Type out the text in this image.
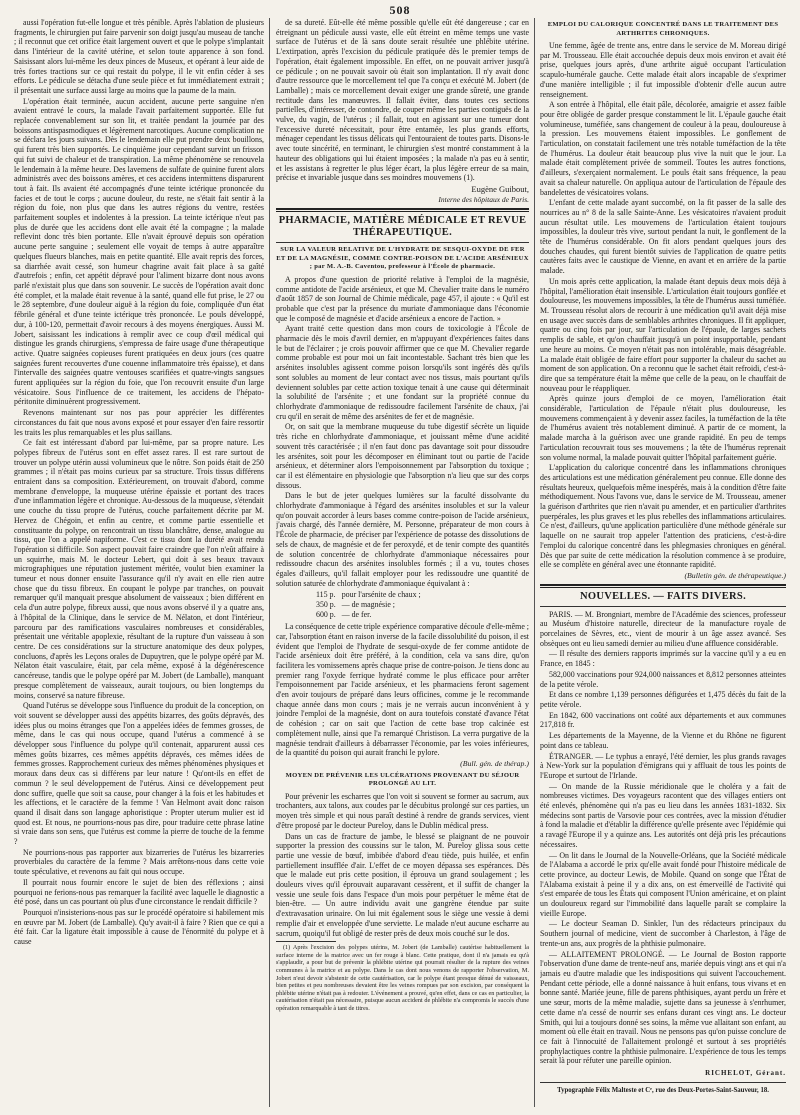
508

aussi l'opération fut-elle longue et très pénible. Après l'ablation de plusieurs fragments, le chirurgien put faire parvenir son doigt jusqu'au museau de tanche ; il reconnut que cet orifice était largement ouvert et que le polype s'implantait dans l'intérieur de la cavité utérine, et selon toute apparence à son fond. Saisissant alors lui-même les deux pinces de Museux, et opérant à leur aide de très fortes tractions sur ce qui restait du polype, il le vit enfin céder à ses efforts. Le pédicule se détacha d'une seule pièce et fut immédiatement extrait ; il présentait une surface aussi large au moins que la paume de la main.

L'opération était terminée, aucun accident, aucune perte sanguine n'en avaient entravé le cours, la malade l'avait parfaitement supportée. Elle fut replacée convenablement sur son lit, et traitée pendant la journée par des boissons antispasmodiques et légèrement narcotiques. Aucune complication ne se déclara les jours suivans. Dès le lendemain elle put prendre deux bouillons, qui furent très bien supportés. Le cinquième jour cependant survint un frisson qui fut suivi de chaleur et de transpiration. La même phénomène se renouvela le lendemain à la même heure. Des lavemens de sulfate de quinine furent alors administrés avec des boissons amères, et ces accidens intermittens disparurent tout à fait. Ils avaient été accompagnés d'une teinte ictérique prononcée du facies et de tout le corps ; aucune douleur, du reste, ne s'était fait sentir à la région du foie, non plus que dans les autres régions du ventre, restées parfaitement souples et indolentes à la pression. La teinte ictérique n'eut pas plus de durée que les accidens dont elle avait été la compagne ; la malade reflevint donc très bien portante. Elle n'avait éprouvé depuis son opération aucune perte sanguine ; seulement elle voyait de temps à autre apparaître quelques flueurs blanches, mais en petite quantité. Elle avait repris des forces, sa diarrhée avait cessé, son humeur chagrine avait fait place à sa gaîté d'autrefois ; enfin, cet appétit dépravé pour l'aliment bizarre dont nous avons parlé n'existait plus que dans son souvenir. Le succès de l'opération avait donc été complet, et la malade était revenue à la santé, quand elle fut prise, le 27 ou le 28 septembre, d'une douleur aiguë à la région du foie, compliquée d'un état fébrile général et d'une teinte ictérique très prononcée. Le pouls développé, dur, à 100-120, permettait d'avoir recours à des moyens énergiques. Aussi M. Jobert, saisissant les indications à remplir avec ce coup d'œil médical qui distingue les grands chirurgiens, s'empressa de faire usage d'une thérapeutique active. Quatre saignées copieuses furent pratiquées en deux jours (ces quatre saignées furent recouvertes d'une couenne inflammatoire très épaisse), et dans l'intervalle des saignées quatre ventouses scarifiées et quatre-vingts sangsues furent appliquées sur la région du foie, que l'on recouvrit ensuite d'un large vésicatoire. Sous l'influence de ce traitement, les accidens de l'hépato-péritonite diminuèrent progressivement.

Revenons maintenant sur nos pas pour apprécier les différentes circonstances du fait que nous avons exposé et pour essayer d'en faire ressortir les traits les plus remarquables et les plus saillans.

Ce fait est intéressant d'abord par lui-même, par sa propre nature. Les polypes fibreux de l'utérus sont en effet assez rares. Il est rare surtout de trouver un polype utérin aussi volumineux que le nôtre. Son poids était de 250 grammes ; il n'était pas moins curieux par sa structure. Trois tissus différens entraient dans sa composition. Extérieurement, on trouvait d'abord, comme membrane d'enveloppe, la muqueuse utérine épaissie et portant des traces d'une inflammation légère et chronique. Au-dessous de la muqueuse, s'étendait une couche du tissu propre de l'utérus, couche parfaitement décrite par M. Hervez de Chégoin, et enfin au centre, et comme partie essentielle et constituante du polype, on rencontrait un tissu blanchâtre, dense, analogue au tissu, que l'on a appelé napiforme. C'est ce tissu dont la durété avait rendu l'opération si difficile. Son aspect pouvait faire craindre que l'on n'eût affaire à un squirrhe, mais M. le docteur Lebert, qui doit à ses beaux travaux micrographiques une réputation justement méritée, voulut bien examiner la tumeur et nous donner ensuite l'assurance qu'il n'y avait en elle rien autre chose que du tissu fibreux. En coupant le polype par tranches, on pouvait remarquer qu'il manquait presque absolument de vaisseaux ; bien différent en cela d'un autre polype, fibreux aussi, que nous avons observé il y a quatre ans, à l'hôpital de la Clinique, dans le service de M. Nélaton, et dont l'intérieur, parcouru par des ramifications vasculaires nombreuses et considérables, présentait une véritable apoplexie, résultant de la rupture d'un vaisseau à son centre. De ces considérations sur la structure anatomique des deux polypes, concluons, d'après les Leçons orales de Dupuytren, que le polype opéré par M. Nélaton était vasculaire, était, par cela même, exposé à la dégénérescence cancéreuse, tandis que le polype opéré par M. Jobert (de Lamballe), manquant presque complètement de vaisseaux, aurait toujours, ou bien longtemps du moins, conservé sa nature fibreuse.

Quand l'utérus se développe sous l'influence du produit de la conception, on voit souvent se développer aussi des appétits bizarres, des goûts dépravés, des idées plus ou moins étranges que l'on a appelées idées de femmes grosses, de même, dans le cas qui nous occupe, quand l'utérus a commencé à se développer sous l'influence du polype qu'il contenait, apparurent aussi ces mêmes goûts bizarres, ces mêmes appétits dépravés, ces mêmes idées de femmes grosses. Rapprochement curieux des mêmes phénomènes physiques et moraux dans deux cas si différens par leur nature ! Qu'ont-ils en effet de commun ? le seul développement de l'utérus. Ainsi ce développement peut donc suffire, quelle que soit sa cause, pour changer à la fois et les habitudes et les affections, et le caractère de la femme ! Van Helmont avait donc raison quand il disait dans son langage aphoristique : Propter uterum mulier est id quod est. Et nous, ne pourrions-nous pas dire, pour traduire cette phrase latine si vraie dans son sens, que l'utérus est comme la pierre de touche de la femme ?

Ne pourrions-nous pas rapporter aux bizarreries de l'utérus les bizarreries proverbiales du caractère de la femme ? Mais arrêtons-nous dans cette voie toute spéculative, et revenons au fait qui nous occupe.

Il pourrait nous fournir encore le sujet de bien des réflexions ; ainsi pourquoi ne ferions-nous pas remarquer la facilité avec laquelle le diagnostic a été posé, dans un cas pourtant où plus d'une circonstance le rendait difficile ?

Pourquoi n'insisterions-nous pas sur le procédé opératoire si habilement mis en œuvre par M. Jobert (de Lamballe). Qu'y avait-il à faire ? Rien que ce qui a été fait. Car la ligature était impossible à cause de l'énormité du polype et à cause

de sa dureté. Eût-elle été même possible qu'elle eût été dangereuse ; car en étreignant un pédicule aussi vaste, elle eût étreint en même temps une vaste surface de l'utérus et de là sans doute serait résultée une phlébite utérine. L'extirpation, après l'excision du pédicule pratiquée dès le premier temps de l'opération, était également impossible. En effet, on ne pouvait arriver jusqu'à ce pédicule ; on ne pouvait savoir où était son implantation. Il n'y avait donc d'autre ressource que le morcellement tel que l'a conçu et exécuté M. Jobert (de Lamballe) ; mais ce morcellement devait exiger une grande sûreté, une grande rectitude dans les manœuvres. Il fallait éviter, dans toutes ces sections partielles, d'intéresser, de contondre, de couper même les parties contiguës de la vulve, du vagin, de l'utérus ; il fallait, tout en agissant sur une tumeur dont l'excessive dureté nécessitait, pour être entamée, les plus grands efforts, ménager cependant les tissus délicats qui l'entouraient de toutes parts. Disons-le avec toute sincérité, en terminant, le chirurgien s'est montré constamment à la hauteur des obligations qui lui étaient imposées ; la malade n'a pas eu à sentir, et les assistans à regretter le plus léger écart, la plus légère erreur de sa main, précise et invariable jusque dans ses moindres mouvemens (1).

Eugène Guibout,

Interne des hôpitaux de Paris.

PHARMACIE, MATIÈRE MÉDICALE ET REVUE THÉRAPEUTIQUE.

SUR LA VALEUR RELATIVE DE L'HYDRATE DE SESQUI-OXYDE DE FER ET DE LA MAGNÉSIE, COMME CONTRE-POISON DE L'ACIDE ARSÉNIEUX ; par M. A.-B. Caventou, professeur à l'École de pharmacie.

A propos d'une question de priorité relative à l'emploi de la magnésie, comme antidote de l'acide arsénieux, et que M. Chevalier traite dans le numéro d'août 1857 de son Journal de Chimie médicale, page 457, il ajoute : « Qu'il est probable que c'est par la présence du muriate d'ammoniaque dans l'économie que le composé de magnésie et d'acide arsénieux a encore de l'action. »

Ayant traité cette question dans mon cours de toxicologie à l'École de pharmacie dès le mois d'avril dernier, en m'appuyant d'expériences faites dans le but de l'éclairer ; je crois pouvoir affirmer que ce que M. Chevalier regarde comme probable est pour moi un fait incontestable. Sachant très bien que les arsénites insolubles agissent comme poison lorsqu'ils sont ingérés dès qu'ils sont solubles au moment de leur contact avec nos tissus, mais pourtant qu'ils deviennent solubles par cette action toxique tenait à une cause qui déterminait la solubilité de l'arsénite ; et une fondant sur la propriété connue du chlorhydrate d'ammoniaque de redissoudre facilement l'arsénite de chaux, j'ai cru qu'il en serait de même des arsénites de fer et de magnésie.

Or, on sait que la membrane muqueuse du tube digestif sécrète un liquide très riche en chlorhydrate d'ammoniaque, et jouissant même d'une acidité souvent très caractérisée ; il n'en faut donc pas davantage soit pour dissoudre les arsénites, soit pour les décomposer en éliminant tout ou partie de l'acide arsénieux, et déterminer alors l'empoisonnement par l'absorption du toxique ; car il est élémentaire en physiologie que l'absorption n'a lieu que sur des corps dissous.

Dans le but de jeter quelques lumières sur la faculté dissolvante du chlorhydrate d'ammoniaque à l'égard des arsénites insolubles et sur la valeur qu'on pouvait accorder à leurs bases comme contre-poison de l'acide arsénieux, j'avais chargé, dès l'année dernière, M. Personne, préparateur de mon cours à l'École de pharmacie, de préciser par l'expérience de potasse des dissolutions de sels de chaux, de magnésie et de fer peroxydé, et de tenir compte des quantités de solution concentrée de chlorhydrate d'ammoniaque nécessaires pour redissoudre chacun des arsénites insolubles formés ; il a vu, toutes choses égales d'ailleurs, qu'il fallait employer pour les redissoudre une quantité de solution saturée de chlorhydrate d'ammoniaque équivalant à :

115 p.	pour l'arsénite de chaux ;
350 p.	— de magnésie ;
600 p.	— de fer.

La conséquence de cette triple expérience comparative découle d'elle-même ; car, l'absorption étant en raison inverse de la facile dissolubilité du poison, il est évident que l'emploi de l'hydrate de sesqui-oxyde de fer comme antidote de l'acide arsénieux doit être préféré, à la condition, cela va sans dire, qu'on facilitera les vomissemens après chaque prise de contre-poison. Je tiens donc au premier rang l'oxyde ferrique hydraté comme le plus efficace pour arrêter l'empoisonnement par l'acide arsénieux, et les pharmaciens feront sagement d'en avoir toujours de préparé dans leurs officines, comme je le recommande chaque année dans mon cours ; mais je ne verrais aucun inconvénient à y joindre l'emploi de la magnésie, dont on aura toutefois constaté d'avance l'état de cohésion ; car on sait que l'action de cette base trop calcinée est complètement nulle, ainsi que l'a remarqué Christison. La verra purgative de la magnésie tendrait d'ailleurs à débarrasser l'économie, par les voies inférieures, de la quantité du poison qui aurait franchi le pylore.

(Bull. gén. de thérap.)

MOYEN DE PRÉVENIR LES ULCÉRATIONS PROVENANT DU SÉJOUR PROLONGÉ AU LIT.

Pour prévenir les escharres que l'on voit si souvent se former au sacrum, aux trochanters, aux talons, aux coudes par le décubitus prolongé sur ces parties, un moyen très simple et qui nous paraît destiné à rendre de grands services, vient d'être proposé par le docteur Pureloy, dans le Dublin médical press.

Dans un cas de fracture de jambe, le blessé se plaignant de ne pouvoir supporter la pression des coussins sur le talon, M. Pureloy glissa sous cette partie une vessie de bœuf, imbibée d'abord d'eau tiède, puis huilée, et enfin partiellement insufflée d'air. L'effet de ce moyen dépassa ses espérances. Dès que le malade eut pris cette position, il éprouva un grand soulagement ; les douleurs vives qu'il éprouvait auparavant cessèrent, et il suffit de changer la vessie une seule fois dans l'espace d'un mois pour perpétuer le même état de bien-être. — Un autre individu avait une gangrène étendue par suite d'extravasation urinaire. On lui mit également sous le siège une vessie à demi remplie d'air et enveloppée d'une serviette. Le malade n'eut aucune escharre au sacrum, quoiqu'il fut obligé de rester près de deux mois couché sur le dos.

(1) Après l'excision des polypes utérins, M. Jobert (de Lamballe) cautérise habituellement la surface interne de la matrice avec un fer rouge à blanc. Cette pratique, dont il n'a jamais eu qu'à s'applaudir, a pour but de prévenir la phlébite utérine qui pourrait résulter de la rupture des veines communes à la matrice et au polype. Dans le cas dont nous venons de rapporter l'observation, M. Jobert n'eut devoir s'abstenir de cette cautérisation, car le polype étant presque dénué de vaisseaux, bien petites et peu nombreuses devaient être les veines rompues par son excision, par conséquent la phlébite utérine n'était pas à redouter. L'événement a prouvé, qu'en effet, dans ce cas en particulier, la cautérisation n'était pas nécessaire, puisque aucun accident de phlébite n'a compromis le succès d'une opération remarquable à tant de titres.

EMPLOI DU CALORIQUE CONCENTRÉ DANS LE TRAITEMENT DES ARTHRITES CHRONIQUES.

Une femme, âgée de trente ans, entre dans le service de M. Moreau dirigé par M. Trousseau. Elle était accouchée depuis deux mois environ et avait été prise, quelques jours après, d'une arthrite aiguë occupant l'articulation scapulo-humérale gauche. Cette malade était alors incapable de s'exprimer d'une manière intelligible ; il fut impossible d'obtenir d'elle aucun autre renseignement.

A son entrée à l'hôpital, elle était pâle, décolorée, amaigrie et assez faible pour être obligée de garder presque constamment le lit. L'épaule gauche était volumineuse, tuméfiée, sans changement de couleur à la peau, douloureuse à la pression. Les mouvemens étaient impossibles. Le gonflement de l'articulation, on constatait facilement une très notable tuméfaction de la tête de l'humérus. La douleur était beaucoup plus vive la nuit que le jour. La malade était complètement privée de sommeil. Toutes les autres fonctions, d'ailleurs, s'exerçaient normalement. Le pouls était sans fréquence, la peau avait sa chaleur naturelle. On appliqua autour de l'articulation de l'épaule des bandelettes de vésicatoires volans.

L'enfant de cette malade ayant succombé, on la fit passer de la salle des nourrices au n° 8 de la salle Sainte-Anne. Les vésicatoires n'avaient produit aucun résultat utile. Les mouvemens de l'articulation étaient toujours impossibles, la douleur très vive, surtout pendant la nuit, le gonflement de la tête de l'humérus considérable. On fit alors pendant quelques jours des douches chaudes, qui furent bientôt suivies de l'application de quatre petits cautères faits avec le caustique de Vienne, en avant et en arrière de la partie malade.

Un mois après cette application, la malade étant depuis deux mois déjà à l'hôpital, l'amélioration était insensible. L'articulation était toujours gonflée et douloureuse, les mouvemens impossibles, la tête de l'humérus aussi tuméfiée. M. Trousseau résolut alors de recourir à une médication qu'il avait déjà mise en usage avec succès dans de semblables arthrites chroniques. Il fit appliquer, quatre ou cinq fois par jour, sur l'articulation de l'épaule, de larges sachets remplis de sable, et qu'on chauffait jusqu'à un point insupportable, pendant une heure au moins. Ce moyen n'était pas non intolérable, mais désagréable. La malade était obligée de faire effort pour supporter la chaleur du sachet au moment de son application. On a reconnu que le sachet était refroidi, c'est-à-dire que sa température était la même que celle de la peau, on le chauffait de nouveau pour le réappliquer.

Après quinze jours d'emploi de ce moyen, l'amélioration était considérable, l'articulation de l'épaule n'était plus douloureuse, les mouvemens commençaient à y devenir assez faciles, la tuméfaction de la tête de l'humérus avaient très notablement diminué. A partir de ce moment, la malade marcha à la guérison avec une grande rapidité. En peu de temps l'articulation recouvrait tous ses mouvemens ; la tête de l'humérus reprenait son volume normal, la malade pouvait quitter l'hôpital parfaitement guérie.

L'application du calorique concentré dans les inflammations chroniques des articulations est une médication généralement peu connue. Elle donne des résultats heureux, quelquefois même inespérés, mais à la condition d'être faite méthodiquement. Nous l'avons vue, dans le service de M. Trousseau, amener la guérison d'arthrites que rien n'avait pu amender, et en particulier d'arthrites puerpérales, les plus graves et les plus rebelles des inflammations articulaires. Ce n'est, d'ailleurs, qu'une application particulière d'une méthode générale sur laquelle on ne saurait trop appeler l'attention des praticiens, c'est-à-dire l'emploi du calorique concentré dans les phlegmasies chroniques en général. Dès que par suite de cette médication la résolution commence à se produire, elle se complète en général avec une étonnante rapidité.

(Bulletin gén. de thérapeutique.)

NOUVELLES. — FAITS DIVERS.

PARIS. — M. Brongniart, membre de l'Académie des sciences, professeur au Muséum d'histoire naturelle, directeur de la manufacture royale de porcelaines de Sèvres, etc., vient de mourir à un âge assez avancé. Ses obsèques ont eu lieu samedi dernier au milieu d'une affluence considérable.

— Il résulte des derniers rapports imprimés sur la vaccine qu'il y a eu en France, en 1845 :

582,000 vaccinations pour 924,000 naissances et 8,812 personnes atteintes de la petite vérole.

Et dans ce nombre 1,139 personnes défigurées et 1,475 décès du fait de la petite vérole.

En 1842, 600 vaccinations ont coûté aux départements et aux communes 217,818 fr.

Les départements de la Mayenne, de la Vienne et du Rhône ne figurent point dans ce tableau.

ÉTRANGER. — Le typhus a enrayé, l'été dernier, les plus grands ravages à New-York sur la population d'émigrans qui y affluait de tous les points de l'Europe et surtout de l'Irlande.

— On mande de la Russie méridionale que le choléra y a fait de nombreuses victimes. Des voyageurs racontent que des villages entiers ont été enlevés, phénomène qui n'a pas eu lieu dans les années 1831-1832. Six médecins sont partis de Varsovie pour ces contrées, avec la mission d'étudier à fond la maladie et d'établir la différence qu'elle présente avec l'épidémie qui a ravagé l'Europe il y a quinze ans. Les autorités ont déjà pris les précautions nécessaires.

— On lit dans le Journal de la Nouvelle-Orléans, que la Société médicale de l'Alabama a accordé le prix qu'elle avait fondé pour l'histoire médicale de cette province, au docteur Lewis, de Mobile. Quand on songe que l'État de l'Alabama existait à peine il y a dix ans, on est émerveillé de l'activité qui s'est emparée de tous les États qui composent l'Union américaine, et on plaint un douloureux regard sur l'immobilité dans laquelle paraît se complaire la vieille Europe.

— Le docteur Seaman D. Sinkler, l'un des rédacteurs principaux du Southern journal of medicine, vient de succomber à Charleston, à l'âge de trente-un ans, aux progrès de la phthisie pulmonaire.

— ALLAITEMENT PROLONGÉ. — Le Journal de Boston rapporte l'observation d'une dame de trente-neuf ans, mariée depuis vingt ans et qui n'a jamais eu d'autre maladie que les indispositions qui suivent l'accouchement. Pendant cette période, elle a donné naissance à huit enfans, tous vivans et en bonne santé. Mariée jeune, fille de parens phthisiques, ayant perdu un frère et une sœur, morts de la même maladie, sujette dans sa jeunesse à s'enrhumer, cette dame n'a cessé de nourrir ses enfans durant ces vingt ans. Le docteur Smith, qui lui a toujours donné ses soins, la même vue allaitant son enfant, au moment où elle était en travail. Nous ne pensons pas qu'on puisse conclure de ce fait à l'innocuité de l'allaitement prolongé et surtout à ses propriétés prophylactiques contre la phthisie pulmonaire. L'expérience de tous les temps serait là pour réfuter une pareille opinion.

RICHELOT, Gérant.

Typographie Félix Malteste et Cᵉ, rue des Deux-Portes-Saint-Sauveur, 18.
